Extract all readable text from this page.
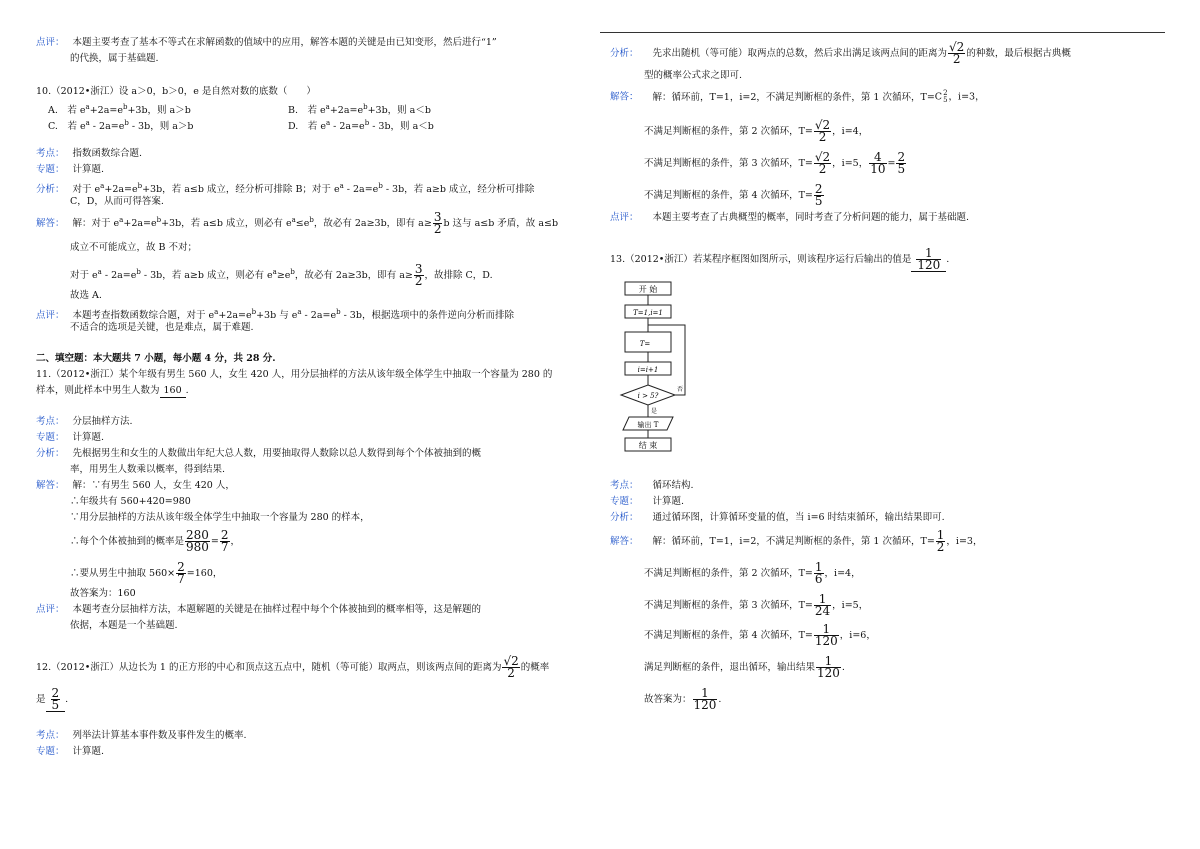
点评： 本题主要考查了基本不等式在求解函数的值域中的应用，解答本题的关键是由已知变形，然后进行“1”
的代换，属于基础题.
10.（2012•浙江）设 a＞0，b＞0，e 是自然对数的底数（　　）
A.　若 $e^a+2a=e^b+3b$，则 a＞b	B.　若 $e^a+2a=e^b+3b$，则 a＜b
C.　若 $e^a - 2a=e^b - 3b$，则 a＞b	D.　若 $e^a - 2a=e^b - 3b$，则 a＜b
考点： 指数函数综合题.
专题： 计算题.
分析： 对于 $e^a+2a=e^b+3b$，若 a≤b 成立，经分析可排除 B；对于 $e^a - 2a=e^b - 3b$，若 a≥b 成立，经分析可排除
C，D，从而可得答案.
解答： 解：对于 $e^a+2a=e^b+3b$，若 a≤b 成立，则必有 $e^a\le e^b$，故必有 2a≥3b，即有 $a\ge \frac{3}{2}$ b 这与 a≤b 矛盾，故 a≤b
成立不可能成立，故 B 不对；
对于 $e^a - 2a=e^b - 3b$，若 a≥b 成立，则必有 $e^a\ge e^b$，故必有 2a≥3b，即有 $a\ge \frac{3}{2}$ ，故排除 C，D.
故选 A.
点评： 本题考查指数函数综合题，对于 $e^a+2a=e^b+3b$ 与 $e^a - 2a=e^b - 3b$，根据选项中的条件逆向分析而排除
不适合的选项是关键，也是难点，属于难题.
二、填空题：本大题共 7 小题，每小题 4 分，共 28 分.
11.（2012•浙江）某个年级有男生 560 人，女生 420 人，用分层抽样的方法从该年级全体学生中抽取一个容量为 280 的
样本，则此样本中男生人数为 160 .
考点： 分层抽样方法.
专题： 计算题.
分析： 先根据男生和女生的人数做出年纪大总人数，用要抽取得人数除以总人数得到每个个体被抽到的概
率，用男生人数乘以概率，得到结果.
解答： 解：∵有男生 560 人，女生 420 人，
∴年级共有 560+420=980
∵用分层抽样的方法从该年级全体学生中抽取一个容量为 280 的样本，
∴每个个体被抽到的概率是 $\frac{280}{980} = \frac{2}{7}$ ，
∴要从男生中抽取 $560\times \frac{2}{7} =160$，
故答案为：160
点评： 本题考查分层抽样方法，本题解题的关键是在抽样过程中每个个体被抽到的概率相等，这是解题的
依据，本题是一个基础题.
12.（2012•浙江）从边长为 1 的正方形的中心和顶点这五点中，随机（等可能）取两点，则该两点间的距离为 $\frac{√2}{2}$ 的概率
是 $\frac{2}{5}$ .
考点： 列举法计算基本事件数及事件发生的概率.
专题： 计算题.
分析： 先求出随机（等可能）取两点的总数，然后求出满足该两点间的距离为 $\frac{√2}{2}$ 的种数，最后根据古典概
型的概率公式求之即可.
解答： 解：循环前，T=1，i=2，不满足判断框的条件，第 1 次循环，T=C 2
5 ，i=3，
不满足判断框的条件，第 2 次循环，$T= \frac{√2}{2}$ ，i=4，
不满足判断框的条件，第 3 次循环，$T= \frac{√2}{2}$ ，i=5， $\frac{4}{10} = \frac{2}{5}$
不满足判断框的条件，第 4 次循环，$T= \frac{2}{5}$
点评： 本题主要考查了古典概型的概率，同时考查了分析问题的能力，属于基础题.
13.（2012•浙江）若某程序框图如图所示，则该程序运行后输出的值是 $\frac{1}{120}$ .
开 始
T=1,i=1
T=
i=i+1
i > 5?
否
是
输出 T
结 束
考点： 循环结构.
专题： 计算题.
分析： 通过循环图，计算循环变量的值，当 i=6 时结束循环，输出结果即可.
解答： 解：循环前，T=1，i=2，不满足判断框的条件，第 1 次循环，$T= \frac{1}{2}$ ，i=3，
不满足判断框的条件，第 2 次循环，$T= \frac{1}{6}$ ，i=4，
不满足判断框的条件，第 3 次循环，$T= \frac{1}{24}$ ，i=5，
不满足判断框的条件，第 4 次循环，$T= \frac{1}{120}$ ，i=6，
满足判断框的条件，退出循环，输出结果 $\frac{1}{120}$ .
故答案为： $\frac{1}{120}$ .
